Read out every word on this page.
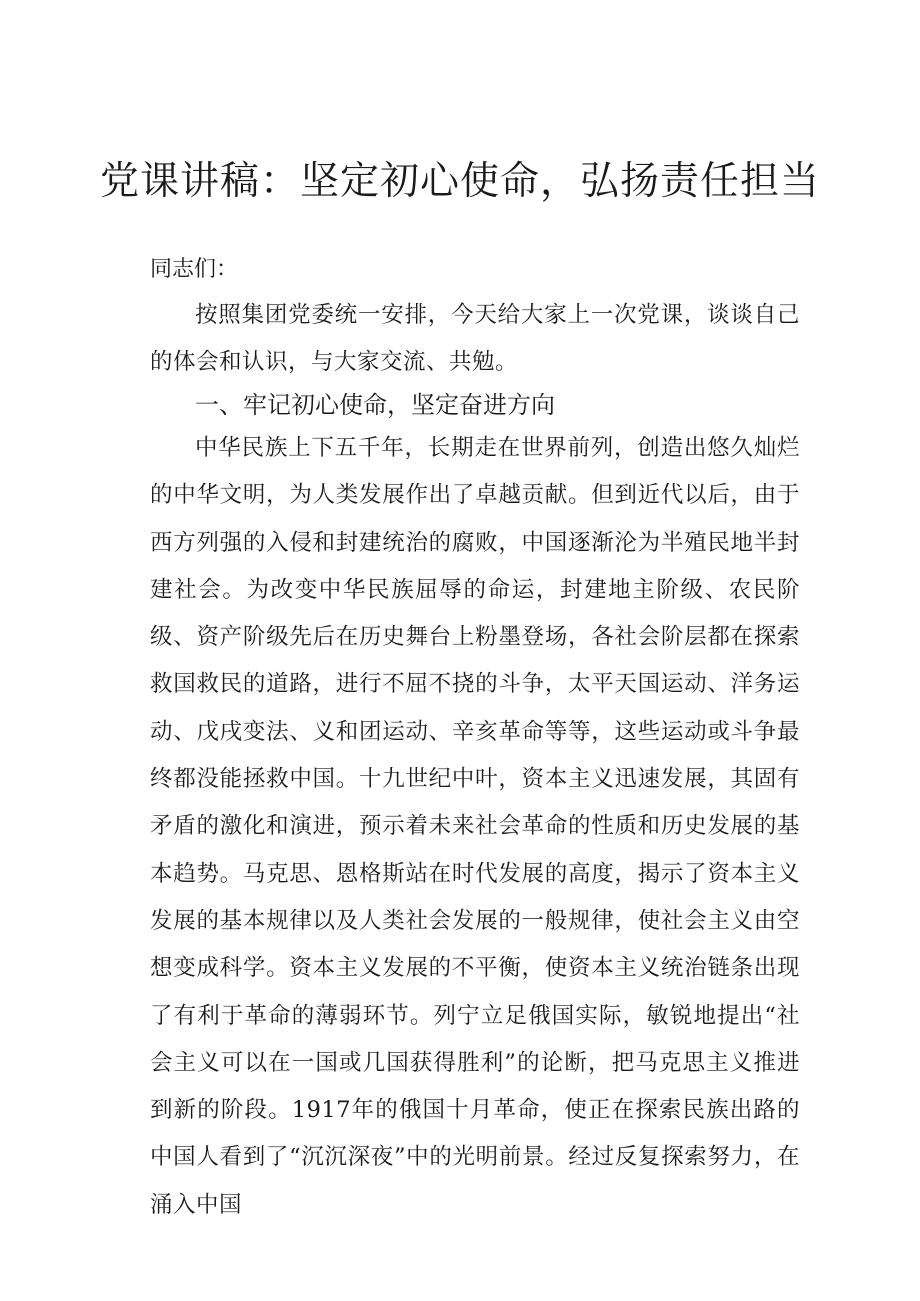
党课讲稿：坚定初心使命，弘扬责任担当

同志们：

按照集团党委统一安排，今天给大家上一次党课，谈谈自己的体会和认识，与大家交流、共勉。

一、牢记初心使命，坚定奋进方向

中华民族上下五千年，长期走在世界前列，创造出悠久灿烂的中华文明，为人类发展作出了卓越贡献。但到近代以后，由于西方列强的入侵和封建统治的腐败，中国逐渐沦为半殖民地半封建社会。为改变中华民族屈辱的命运，封建地主阶级、农民阶级、资产阶级先后在历史舞台上粉墨登场，各社会阶层都在探索救国救民的道路，进行不屈不挠的斗争，太平天国运动、洋务运动、戊戌变法、义和团运动、辛亥革命等等，这些运动或斗争最终都没能拯救中国。十九世纪中叶，资本主义迅速发展，其固有矛盾的激化和演进，预示着未来社会革命的性质和历史发展的基本趋势。马克思、恩格斯站在时代发展的高度，揭示了资本主义发展的基本规律以及人类社会发展的一般规律，使社会主义由空想变成科学。资本主义发展的不平衡，使资本主义统治链条出现了有利于革命的薄弱环节。列宁立足俄国实际，敏锐地提出“社会主义可以在一国或几国获得胜利”的论断，把马克思主义推进到新的阶段。1917年的俄国十月革命，使正在探索民族出路的中国人看到了“沉沉深夜”中的光明前景。经过反复探索努力，在涌入中国
